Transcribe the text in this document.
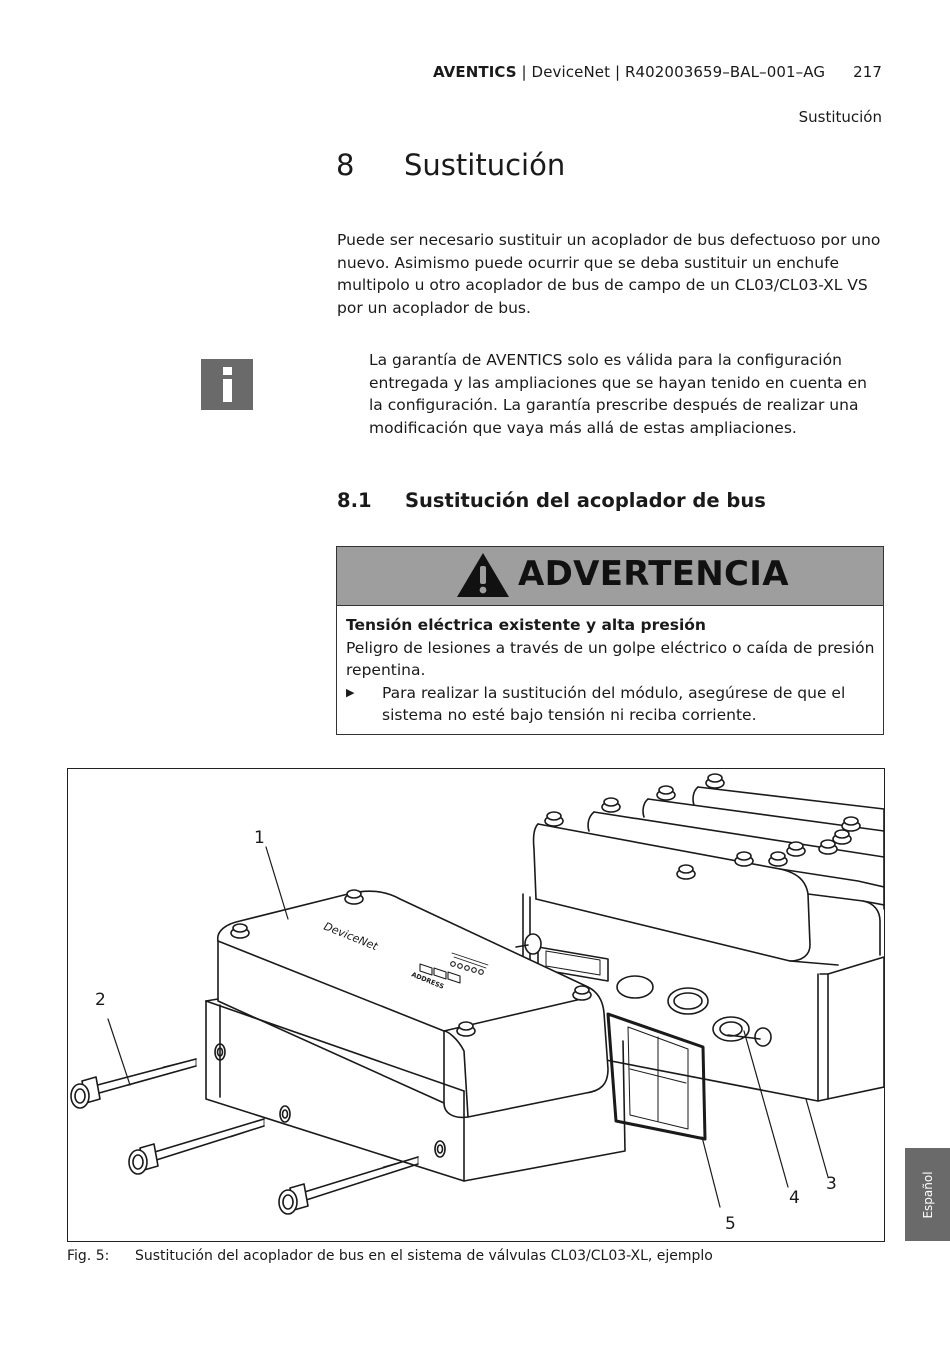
AVENTICS | DeviceNet | R402003659–BAL–001–AG 217
Sustitución
8 Sustitución
Puede ser necesario sustituir un acoplador de bus defectuoso por uno nuevo. Asimismo puede ocurrir que se deba sustituir un enchufe multipolo u otro acoplador de bus de campo de un CL03/CL03-XL VS por un acoplador de bus.
La garantía de AVENTICS solo es válida para la configuración entregada y las ampliaciones que se hayan tenido en cuenta en la configuración. La garantía prescribe después de realizar una modificación que vaya más allá de estas ampliaciones.
8.1 Sustitución del acoplador de bus
ADVERTENCIA
Tensión eléctrica existente y alta presión
Peligro de lesiones a través de un golpe eléctrico o caída de presión repentina.
▶ Para realizar la sustitución del módulo, asegúrese de que el sistema no esté bajo tensión ni reciba corriente.
DeviceNet
ADDRESS
1
2
3
4
5
Fig. 5: Sustitución del acoplador de bus en el sistema de válvulas CL03/CL03-XL, ejemplo
Español
